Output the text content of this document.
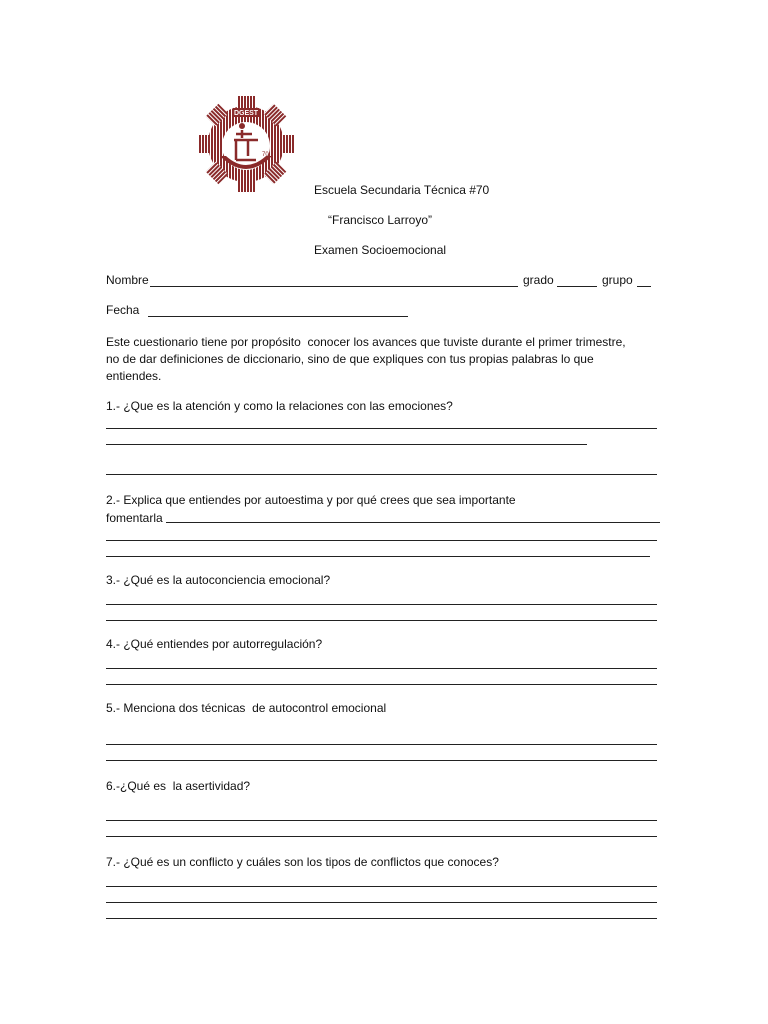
DGEST
70
Escuela Secundaria Técnica #70
“Francisco Larroyo”
Examen Socioemocional
Nombre	grado	grupo
Fecha
Este cuestionario tiene por propósito  conocer los avances que tuviste durante el primer trimestre,
no de dar definiciones de diccionario, sino de que expliques con tus propias palabras lo que
entiendes.
1.- ¿Que es la atención y como la relaciones con las emociones?
2.- Explica que entiendes por autoestima y por qué crees que sea importante
fomentarla
3.- ¿Qué es la autoconciencia emocional?
4.- ¿Qué entiendes por autorregulación?
5.- Menciona dos técnicas  de autocontrol emocional
6.-¿Qué es  la asertividad?
7.- ¿Qué es un conflicto y cuáles son los tipos de conflictos que conoces?
